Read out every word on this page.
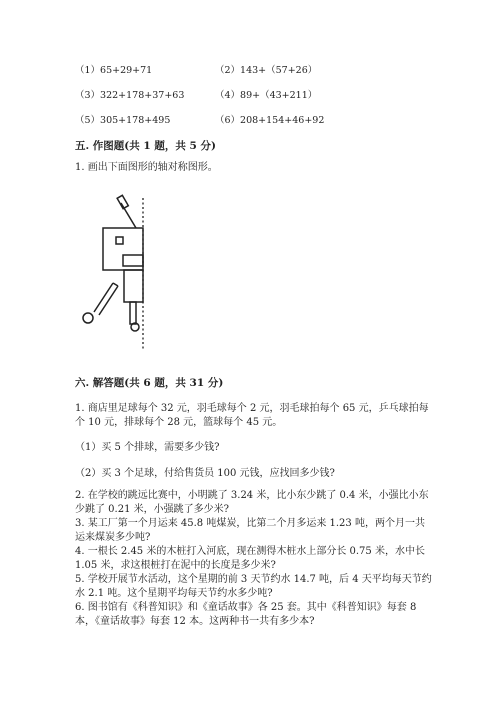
（1）65+29+71	（2）143+（57+26）
（3）322+178+37+63	（4）89+（43+211）
（5）305+178+495	（6）208+154+46+92
五. 作图题(共 1 题，共 5 分)
1. 画出下面图形的轴对称图形。
六. 解答题(共 6 题，共 31 分)
1. 商店里足球每个 32 元，羽毛球每个 2 元，羽毛球拍每个 65 元，乒乓球拍每
个 10 元，排球每个 28 元，篮球每个 45 元。
（1）买 5 个排球，需要多少钱?
（2）买 3 个足球，付给售货员 100 元钱，应找回多少钱?
2. 在学校的跳远比赛中，小明跳了 3.24 米，比小东少跳了 0.4 米，小强比小东
少跳了 0.21 米，小强跳了多少米?
3. 某工厂第一个月运来 45.8 吨煤炭，比第二个月多运来 1.23 吨，两个月一共
运来煤炭多少吨?
4. 一根长 2.45 米的木桩打入河底，现在测得木桩水上部分长 0.75 米，水中长
1.05 米，求这根桩打在泥中的长度是多少米?
5. 学校开展节水活动，这个星期的前 3 天节约水 14.7 吨，后 4 天平均每天节约
水 2.1 吨。这个星期平均每天节约水多少吨?
6. 图书馆有《科普知识》和《童话故事》各 25 套。其中《科普知识》每套 8
本，《童话故事》每套 12 本。这两种书一共有多少本?
